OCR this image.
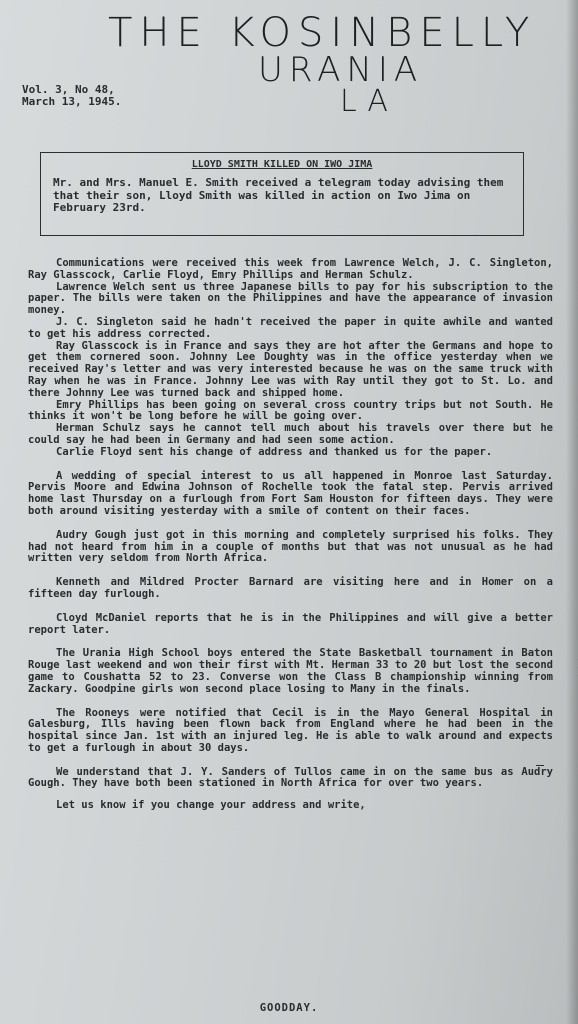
THE KOSINBELLY
URANIA
LA
Vol. 3, No 48,
March 13, 1945.
LLOYD SMITH KILLED ON IWO JIMA
Mr. and Mrs. Manuel E. Smith received a telegram today advising them that their son, Lloyd Smith was killed in action on Iwo Jima on February 23rd.

Communications were received this week from Lawrence Welch, J. C. Singleton, Ray Glasscock, Carlie Floyd, Emry Phillips and Herman Schulz.

Lawrence Welch sent us three Japanese bills to pay for his subscription to the paper. The bills were taken on the Philippines and have the appearance of invasion money.

J. C. Singleton said he hadn't received the paper in quite awhile and wanted to get his address corrected.

Ray Glasscock is in France and says they are hot after the Germans and hope to get them cornered soon. Johnny Lee Doughty was in the office yesterday when we received Ray's letter and was very interested because he was on the same truck with Ray when he was in France. Johnny Lee was with Ray until they got to St. Lo. and there Johnny Lee was turned back and shipped home.

Emry Phillips has been going on several cross country trips but not South. He thinks it won't be long before he will be going over.

Herman Schulz says he cannot tell much about his travels over there but he could say he had been in Germany and had seen some action.

Carlie Floyd sent his change of address and thanked us for the paper.

A wedding of special interest to us all happened in Monroe last Saturday. Pervis Moore and Edwina Johnson of Rochelle took the fatal step. Pervis arrived home last Thursday on a furlough from Fort Sam Houston for fifteen days. They were both around visiting yesterday with a smile of content on their faces.

Audry Gough just got in this morning and completely surprised his folks. They had not heard from him in a couple of months but that was not unusual as he had written very seldom from North Africa.

Kenneth and Mildred Procter Barnard are visiting here and in Homer on a fifteen day furlough.

Cloyd McDaniel reports that he is in the Philippines and will give a better report later.

The Urania High School boys entered the State Basketball tournament in Baton Rouge last weekend and won their first with Mt. Herman 33 to 20 but lost the second game to Coushatta 52 to 23. Converse won the Class B championship winning from Zackary. Goodpine girls won second place losing to Many in the finals.

The Rooneys were notified that Cecil is in the Mayo General Hospital in Galesburg, Ills having been flown back from England where he had been in the hospital since Jan. 1st with an injured leg. He is able to walk around and expects to get a furlough in about 30 days.

We understand that J. Y. Sanders of Tullos came in on the same bus as Audry Gough. They have both been stationed in North Africa for over two years.

Let us know if you change your address and write,

GOODDAY.
